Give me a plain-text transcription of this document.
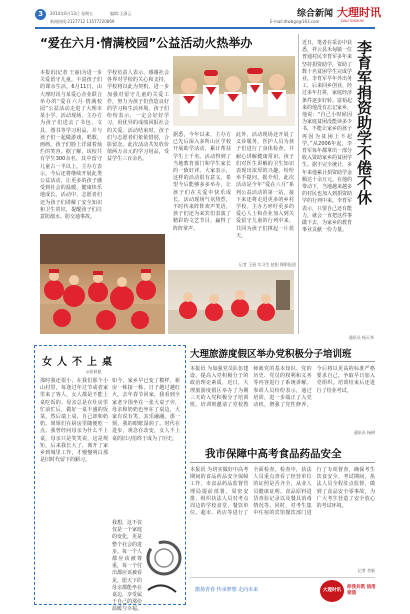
3	2014年6月13日 星期五	编辑:王淑云
新闻热线:2127712 13577220869	E-mail:dlwbgs@163.com
综合新闻 大理时讯
DALI SHIXUN
“爱在六月·情满校园”公益活动火热举办
本报讯(记者 王丽)为进一步关爱留守儿童，丰富孩子们的课余生活，6月11日，由大理时讯与某爱心企业联合举办的“爱在六月·情满校园”公益活动走进了大理市某小学。活动现场，主办方为孩子们送去了书包、文具、图书等学习用品，并与孩子们一起做游戏、唱歌、画画。孩子们脸上洋溢着灿烂的笑容。据了解，该校共有学生300余名，其中留守儿童占一半以上。主办方表示，今后还将继续开展此类公益活动，让更多的孩子感受到社会的温暖，健康快乐地成长。活动中，志愿者们还为孩子们讲解了安全知识和卫生常识，提醒孩子们注意防溺水、防交通事故。
学校负责人表示，感谢社会各界对学校的关心和支持，学校将以此为契机，进一步加强对留守儿童的关爱工作，努力为孩子们营造良好的学习和生活环境。孩子们纷纷表示，一定会好好学习，用优异的成绩回报社会的关爱。活动结束时，孩子们与志愿者们依依惜别，合影留念。此次活动共发放价值两万余元的学习用品，受益学生三百余名。
据悉，今年以来，主办方已先后深入多所山区学校开展助学活动，累计帮扶学生上千名。活动得到了当地教育部门和学生家长的一致好评。大家表示，这样的活动很有意义，希望今后能够多多举办，让孩子们在关爱中快乐成长。活动现场气氛热烈，不时传来阵阵欢声笑语，孩子们还为来宾们表演了精彩的文艺节目，赢得了阵阵掌声。
此外，活动现场还开展了义诊服务，医护人员为孩子们进行了身体检查，并耐心讲解健康常识。孩子们对医生讲解的卫生知识表现出浓厚的兴趣，纷纷举手提问。据介绍，此次活动是今年“爱在六月”系列公益活动的第一站，接下来还将走进更多的乡村学校。主办方呼吁更多的爱心人士和企业加入到关爱留守儿童的行列中来，共同为孩子们撑起一片蓝天。
记者 王丽 实习生 赵阳 摄影报道
李育军捐资助学不倦不休
近日，笔者在采访中获悉，祥云县禾甸镇一位普通村民李育军多年来坚持捐资助学，资助了数十名贫困学生完成学业。李育军早年外出务工，后来回乡创业，经过多年打拼，家庭经济条件逐步好转。富裕起来的他没有忘记家乡，他说：“自己小时候因为家庭贫困没能读多少书，不能让家乡的孩子再因为贫困上不起学。”从2006年起，李育军每年都拿出一部分收入资助家乡的贫困学生。据不完全统计，多年来他累计捐资助学金额达十余万元。在他的带动下，当地越来越多的村民也加入到捐资助学的行列中来。李育军表示，只要自己还有能力，就会一直把这件事做下去，为家乡的教育事业贡献一份力量。
通讯员 杨天华
女人不上桌
◎张秋慈
那时我还很小，在我们那个小山村里，每逢过年过节或者家里来了客人，女人都是不能上桌吃饭的。母亲总是在灶房里忙前忙后，做好一桌丰盛的饭菜，然后端上桌，自己却和奶奶、姐姐们在厨房里随便吃一点。我曾经问母亲为什么不上桌，母亲只是笑笑说，这是规矩。后来我长大了，离开了家乡到城里工作，才慢慢明白那是旧时代留下的陋习。
如今，家乡早已变了模样，新房一栋接一栋，日子越过越红火。去年春节回家，我看到全家老少围坐在一张大桌子旁，母亲和奶奶也坐在了桌边，大家有说有笑，其乐融融。那一刻，我的眼眶湿润了。时代在进步，观念在改变，女人不上桌的旧习俗终于成为了历史。
我想，这不仅仅是一个家庭的变化，更是整个社会的进步。每一个人都应该被尊重，每一个付出都应该被看见，愿天下的母亲都能坐在桌边，享受属于自己的那份温暖与幸福。
大理旅游度假区举办党积极分子培训班
本报讯 为加强党员队伍建设，提高入党积极分子的政治理论素质，近日，大理旅游度假区举办了为期三天的入党积极分子培训班。培训班邀请了党校教师就党的基本知识、党的历史、党员的权利和义务等内容进行了系统讲解。参训人员纷纷表示，通过培训，进一步端正了入党动机，增强了党性修养，今后将以更高的标准严格要求自己，争取早日加入党组织。培训结束后还进行了结业考试。
通讯员 杨树
我市保障中高考食品药品安全
本报讯 为切实做好中高考期间的食品药品安全保障工作，市食品药品监督管理局提前部署，周密安排，组织执法人员对考点周边的学校食堂、餐饮单位、超市、药店等进行了全面检查。检查中，执法人员重点查看了经营单位的证照是否齐全、从业人员健康证明、食品原料进货查验记录以及餐具消毒情况等。同时，对考生集中住宿的宾馆餐饮部门进行了专项督查，确保考生饮食安全。考试期间，执法人员全程驻点监督，做到了食品安全零事故，为广大考生营造了安全放心的考试环境。
记者 李新
激扬青春 传承梦想 走向未来	大理时讯
你我共筑 信用家园
